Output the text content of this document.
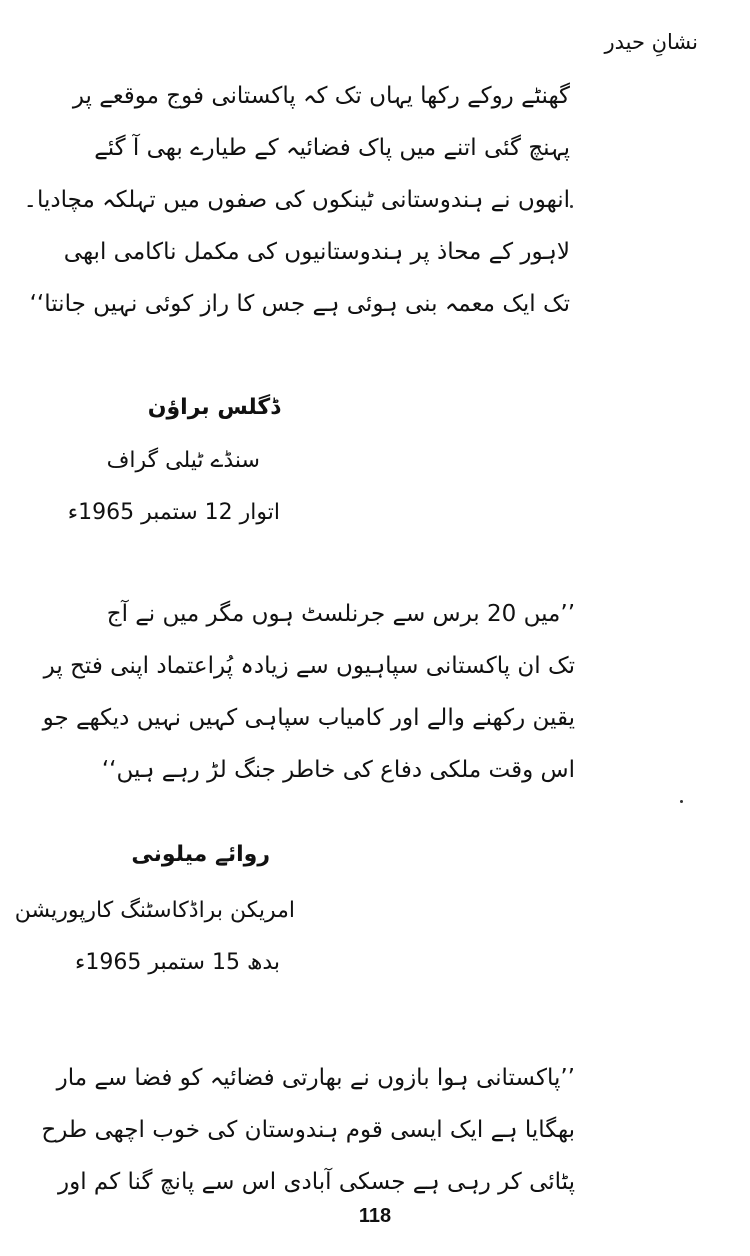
نشانِ حیدر
گھنٹے روکے رکھا یہاں تک کہ پاکستانی فوج موقعے پر
پہنچ گئی اتنے میں پاک فضائیہ کے طیارے بھی آ گئے
انھوں نے ہندوستانی ٹینکوں کی صفوں میں تہلکہ مچادیا۔
لاہور کے محاذ پر ہندوستانیوں کی مکمل ناکامی ابھی
تک ایک معمہ بنی ہوئی ہے جس کا راز کوئی نہیں جانتا‘‘
ڈگلس براؤن
سنڈے ٹیلی گراف
اتوار 12 ستمبر 1965ء
’’میں 20 برس سے جرنلسٹ ہوں مگر میں نے آج
تک ان پاکستانی سپاہیوں سے زیادہ پُراعتماد اپنی فتح پر
یقین رکھنے والے اور کامیاب سپاہی کہیں نہیں دیکھے جو
اس وقت ملکی دفاع کی خاطر جنگ لڑ رہے ہیں‘‘
روائے میلونی
امریکن براڈکاسٹنگ کارپوریشن
بدھ 15 ستمبر 1965ء
’’پاکستانی ہوا بازوں نے بھارتی فضائیہ کو فضا سے مار
بھگایا ہے ایک ایسی قوم ہندوستان کی خوب اچھی طرح
پٹائی کر رہی ہے جسکی آبادی اس سے پانچ گنا کم اور
118
